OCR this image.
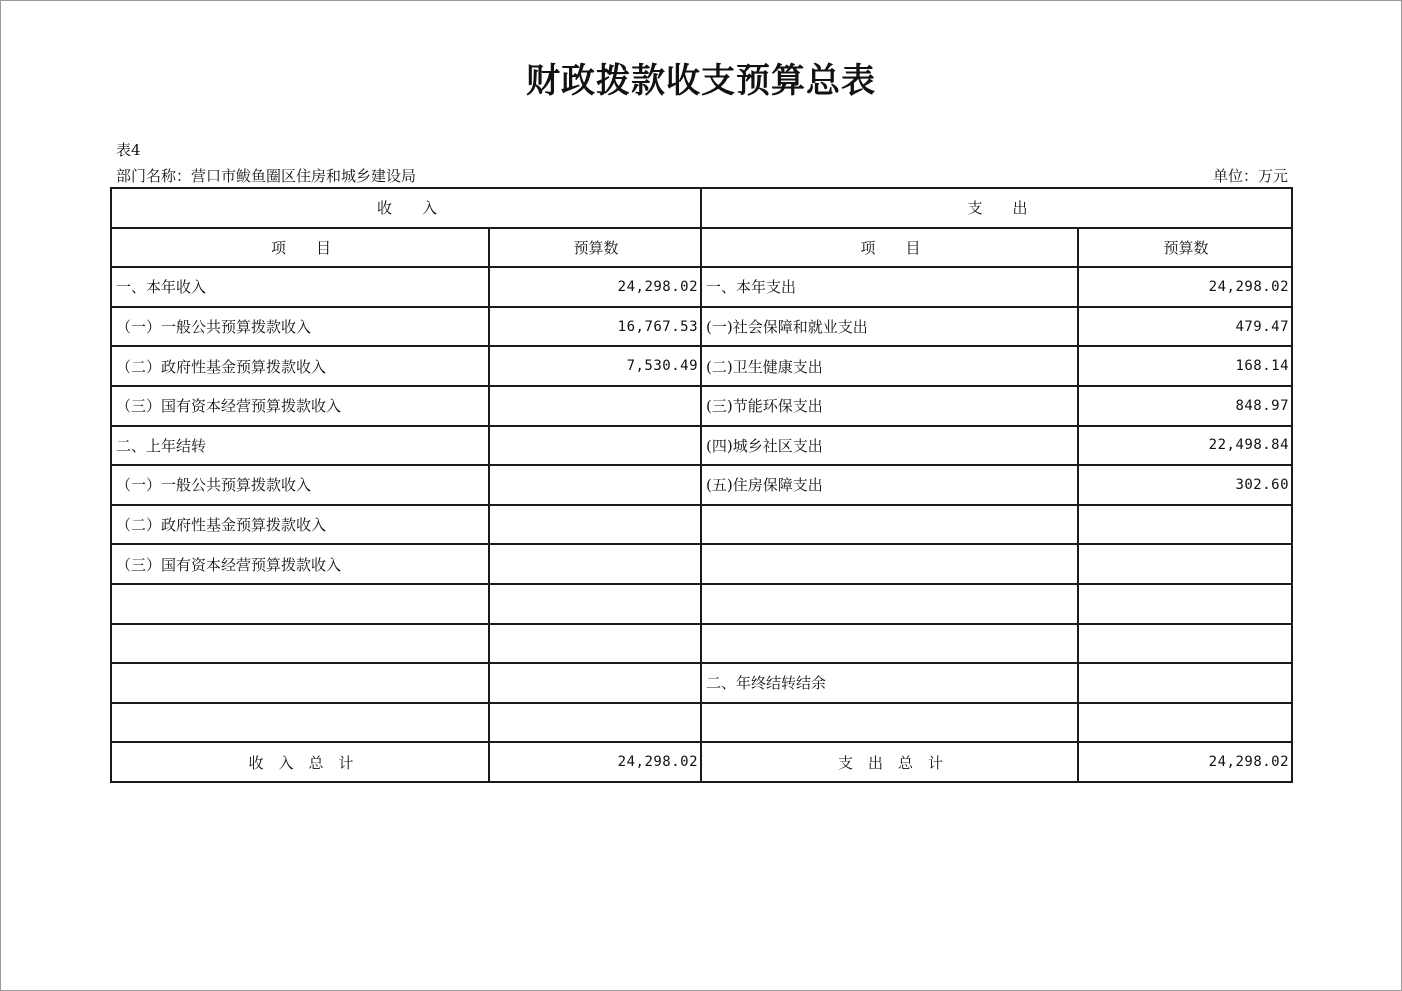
财政拨款收支预算总表
表4
部门名称：营口市鲅鱼圈区住房和城乡建设局	单位：万元
收　　入		支　　出	
项　　目	预算数	项　　目	预算数
一、本年收入	24,298.02	一、本年支出	24,298.02
（一）一般公共预算拨款收入	16,767.53	(一)社会保障和就业支出	479.47
（二）政府性基金预算拨款收入	7,530.49	(二)卫生健康支出	168.14
（三）国有资本经营预算拨款收入		(三)节能环保支出	848.97
二、上年结转		(四)城乡社区支出	22,498.84
（一）一般公共预算拨款收入		(五)住房保障支出	302.60
（二）政府性基金预算拨款收入			
（三）国有资本经营预算拨款收入			

		二、年终结转结余	

收　入　总　计	24,298.02	支　出　总　计	24,298.02
